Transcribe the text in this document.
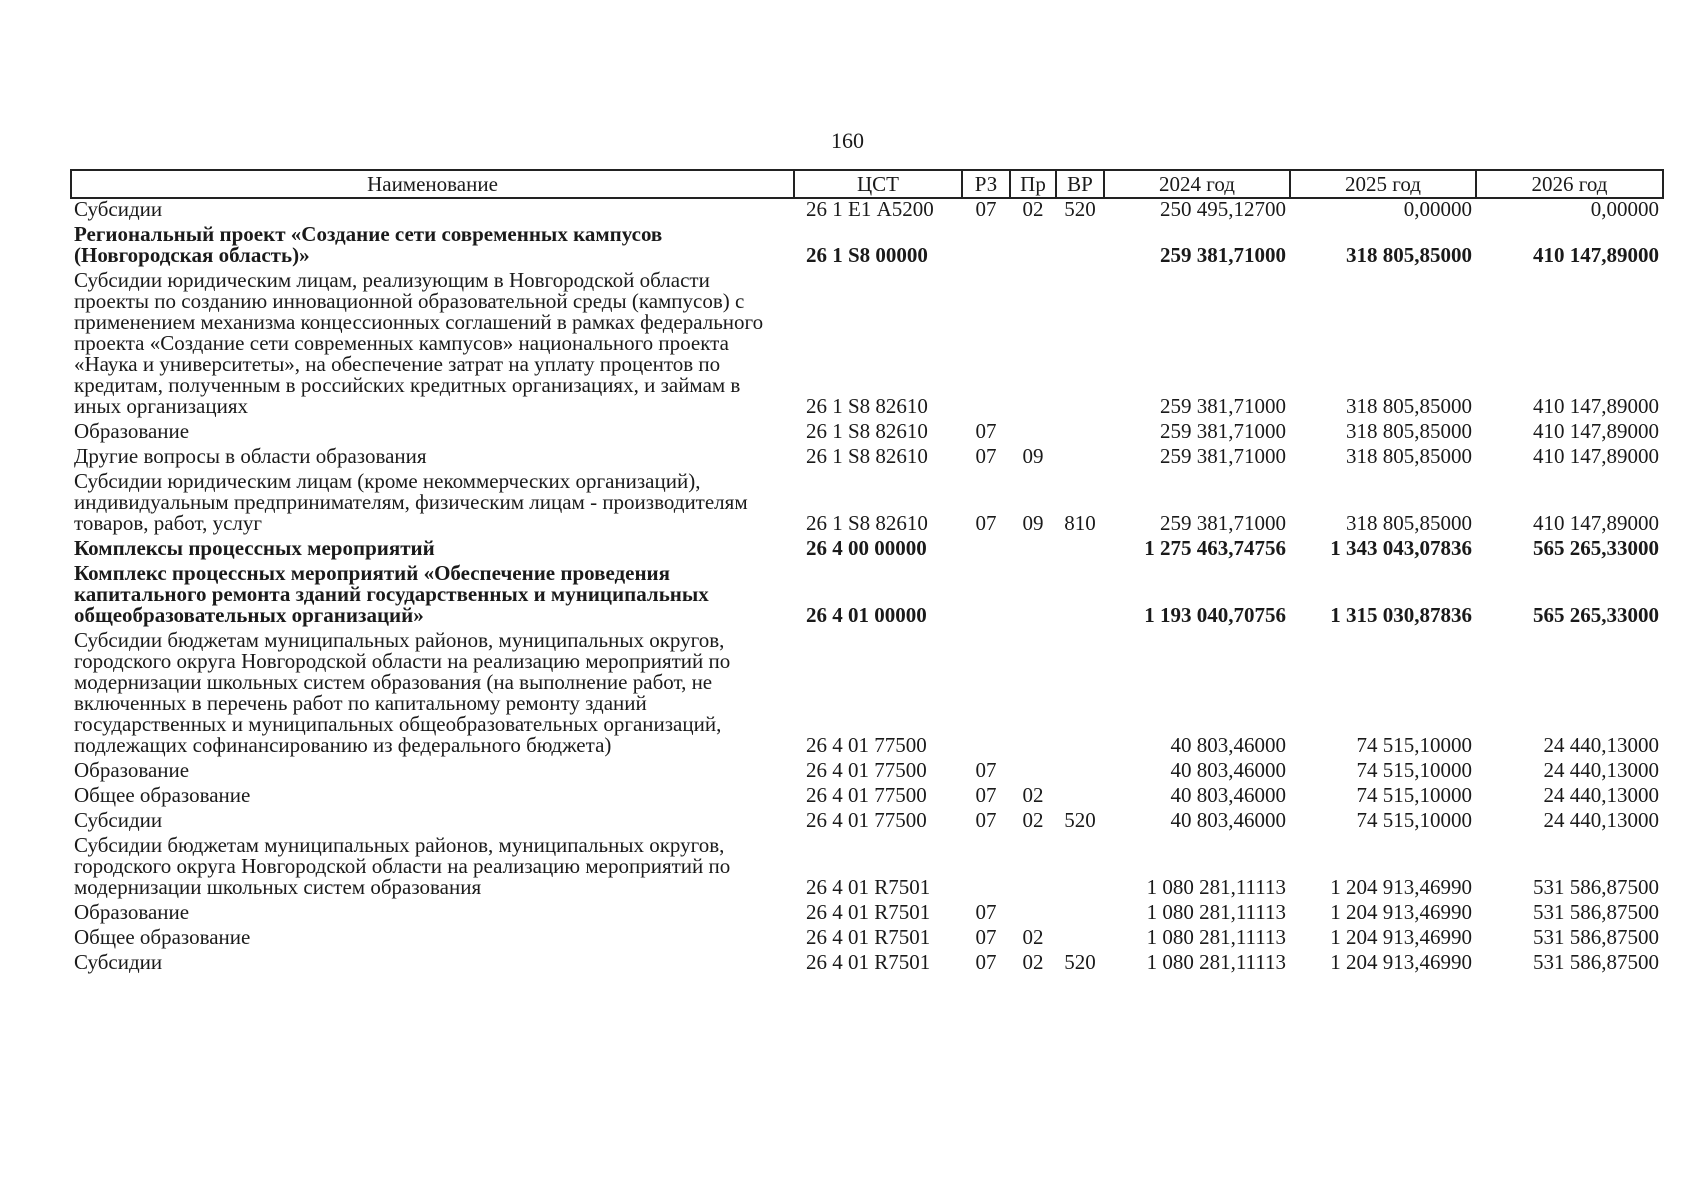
160
Наименование	ЦСТ	РЗ	Пр	ВР	2024 год	2025 год	2026 год
Субсидии	26 1 Е1 А5200	07	02	520	250 495,12700	0,00000	0,00000
Региональный проект «Создание сети современных кампусов (Новгородская область)»	26 1 S8 00000				259 381,71000	318 805,85000	410 147,89000
Субсидии юридическим лицам, реализующим в Новгородской области проекты по созданию инновационной образовательной среды (кампусов) с применением механизма концессионных соглашений в рамках федерального проекта «Создание сети современных кампусов» национального проекта «Наука и университеты», на обеспечение затрат на уплату процентов по кредитам, полученным в российских кредитных организациях, и займам в иных организациях	26 1 S8 82610				259 381,71000	318 805,85000	410 147,89000
Образование	26 1 S8 82610	07			259 381,71000	318 805,85000	410 147,89000
Другие вопросы в области образования	26 1 S8 82610	07	09		259 381,71000	318 805,85000	410 147,89000
Субсидии юридическим лицам (кроме некоммерческих организаций), индивидуальным предпринимателям, физическим лицам - производителям товаров, работ, услуг	26 1 S8 82610	07	09	810	259 381,71000	318 805,85000	410 147,89000
Комплексы процессных мероприятий	26 4 00 00000				1 275 463,74756	1 343 043,07836	565 265,33000
Комплекс процессных мероприятий «Обеспечение проведения капитального ремонта зданий государственных и муниципальных общеобразовательных организаций»	26 4 01 00000				1 193 040,70756	1 315 030,87836	565 265,33000
Субсидии бюджетам муниципальных районов, муниципальных округов, городского округа Новгородской области на реализацию мероприятий по модернизации школьных систем образования (на выполнение работ, не включенных в перечень работ по капитальному ремонту зданий государственных и муниципальных общеобразовательных организаций, подлежащих софинансированию из федерального бюджета)	26 4 01 77500				40 803,46000	74 515,10000	24 440,13000
Образование	26 4 01 77500	07			40 803,46000	74 515,10000	24 440,13000
Общее образование	26 4 01 77500	07	02		40 803,46000	74 515,10000	24 440,13000
Субсидии	26 4 01 77500	07	02	520	40 803,46000	74 515,10000	24 440,13000
Субсидии бюджетам муниципальных районов, муниципальных округов, городского округа Новгородской области на реализацию мероприятий по модернизации школьных систем образования	26 4 01 R7501				1 080 281,11113	1 204 913,46990	531 586,87500
Образование	26 4 01 R7501	07			1 080 281,11113	1 204 913,46990	531 586,87500
Общее образование	26 4 01 R7501	07	02		1 080 281,11113	1 204 913,46990	531 586,87500
Субсидии	26 4 01 R7501	07	02	520	1 080 281,11113	1 204 913,46990	531 586,87500
